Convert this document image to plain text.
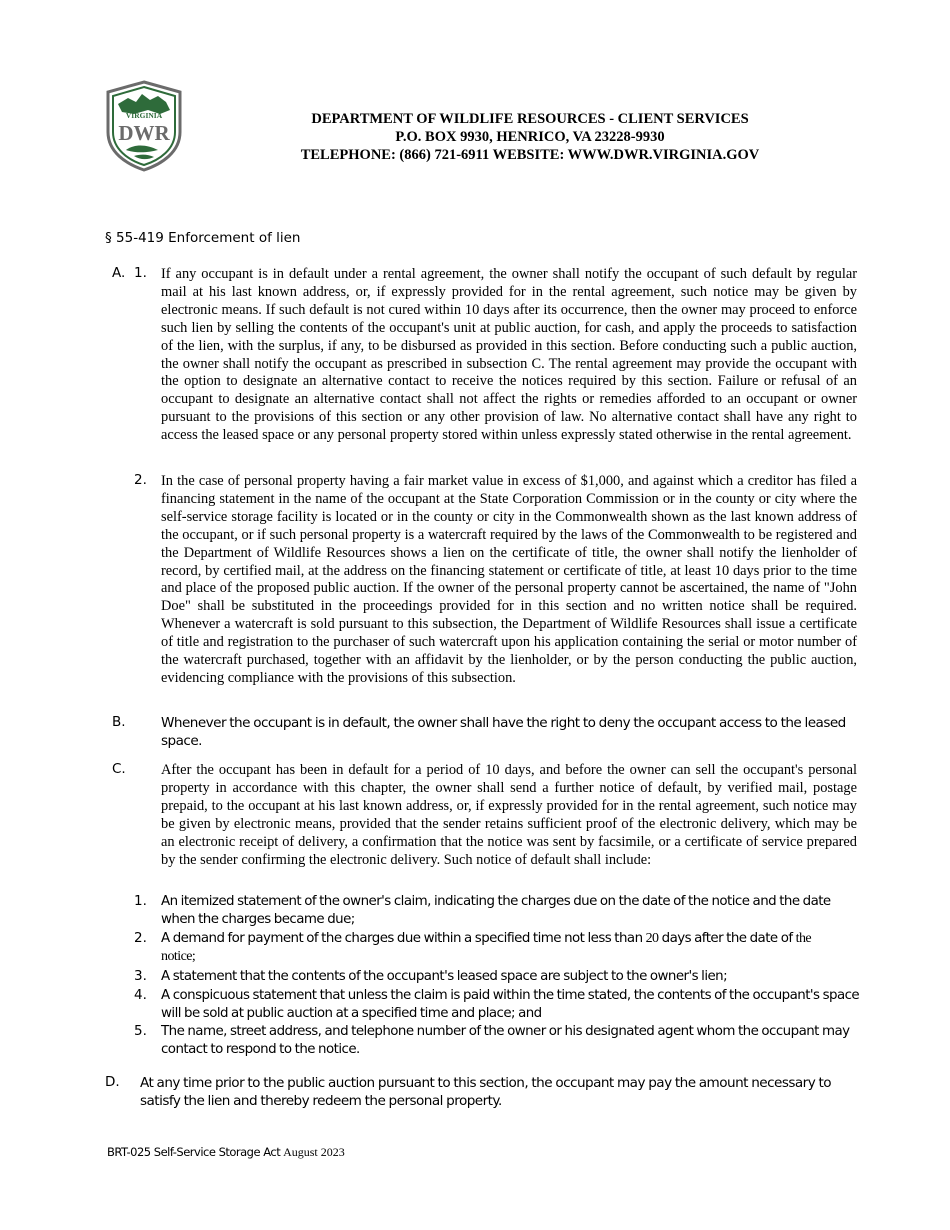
VIRGINIA
DWR
DEPARTMENT OF WILDLIFE RESOURCES - CLIENT SERVICES
P.O. BOX 9930, HENRICO, VA 23228-9930
TELEPHONE: (866) 721-6911 WEBSITE: WWW.DWR.VIRGINIA.GOV
§ 55-419 Enforcement of lien
A. 1. If any occupant is in default under a rental agreement, the owner shall notify the occupant of such default by regular mail at his last known address, or, if expressly provided for in the rental agreement, such notice may be given by electronic means. If such default is not cured within 10 days after its occurrence, then the owner may proceed to enforce such lien by selling the contents of the occupant's unit at public auction, for cash, and apply the proceeds to satisfaction of the lien, with the surplus, if any, to be disbursed as provided in this section. Before conducting such a public auction, the owner shall notify the occupant as prescribed in subsection C. The rental agreement may provide the occupant with the option to designate an alternative contact to receive the notices required by this section. Failure or refusal of an occupant to designate an alternative contact shall not affect the rights or remedies afforded to an occupant or owner pursuant to the provisions of this section or any other provision of law. No alternative contact shall have any right to access the leased space or any personal property stored within unless expressly stated otherwise in the rental agreement.

2. In the case of personal property having a fair market value in excess of $1,000, and against which a creditor has filed a financing statement in the name of the occupant at the State Corporation Commission or in the county or city where the self-service storage facility is located or in the county or city in the Commonwealth shown as the last known address of the occupant, or if such personal property is a watercraft required by the laws of the Commonwealth to be registered and the Department of Wildlife Resources shows a lien on the certificate of title, the owner shall notify the lienholder of record, by certified mail, at the address on the financing statement or certificate of title, at least 10 days prior to the time and place of the proposed public auction. If the owner of the personal property cannot be ascertained, the name of "John Doe" shall be substituted in the proceedings provided for in this section and no written notice shall be required. Whenever a watercraft is sold pursuant to this subsection, the Department of Wildlife Resources shall issue a certificate of title and registration to the purchaser of such watercraft upon his application containing the serial or motor number of the watercraft purchased, together with an affidavit by the lienholder, or by the person conducting the public auction, evidencing compliance with the provisions of this subsection.

B.	Whenever the occupant is in default, the owner shall have the right to deny the occupant access to the leased space.

C. After the occupant has been in default for a period of 10 days, and before the owner can sell the occupant's personal property in accordance with this chapter, the owner shall send a further notice of default, by verified mail, postage prepaid, to the occupant at his last known address, or, if expressly provided for in the rental agreement, such notice may be given by electronic means, provided that the sender retains sufficient proof of the electronic delivery, which may be an electronic receipt of delivery, a confirmation that the notice was sent by facsimile, or a certificate of service prepared by the sender confirming the electronic delivery. Such notice of default shall include:

1. An itemized statement of the owner's claim, indicating the charges due on the date of the notice and the date when the charges became due;

2. A demand for payment of the charges due within a specified time not less than 20 days after the date of the
notice;

3. A statement that the contents of the occupant's leased space are subject to the owner's lien;

4. A conspicuous statement that unless the claim is paid within the time stated, the contents of the occupant's space will be sold at public auction at a specified time and place; and

5. The name, street address, and telephone number of the owner or his designated agent whom the occupant may contact to respond to the notice.

D. At any time prior to the public auction pursuant to this section, the occupant may pay the amount necessary to satisfy the lien and thereby redeem the personal property.

BRT-025 Self-Service Storage Act August 2023
